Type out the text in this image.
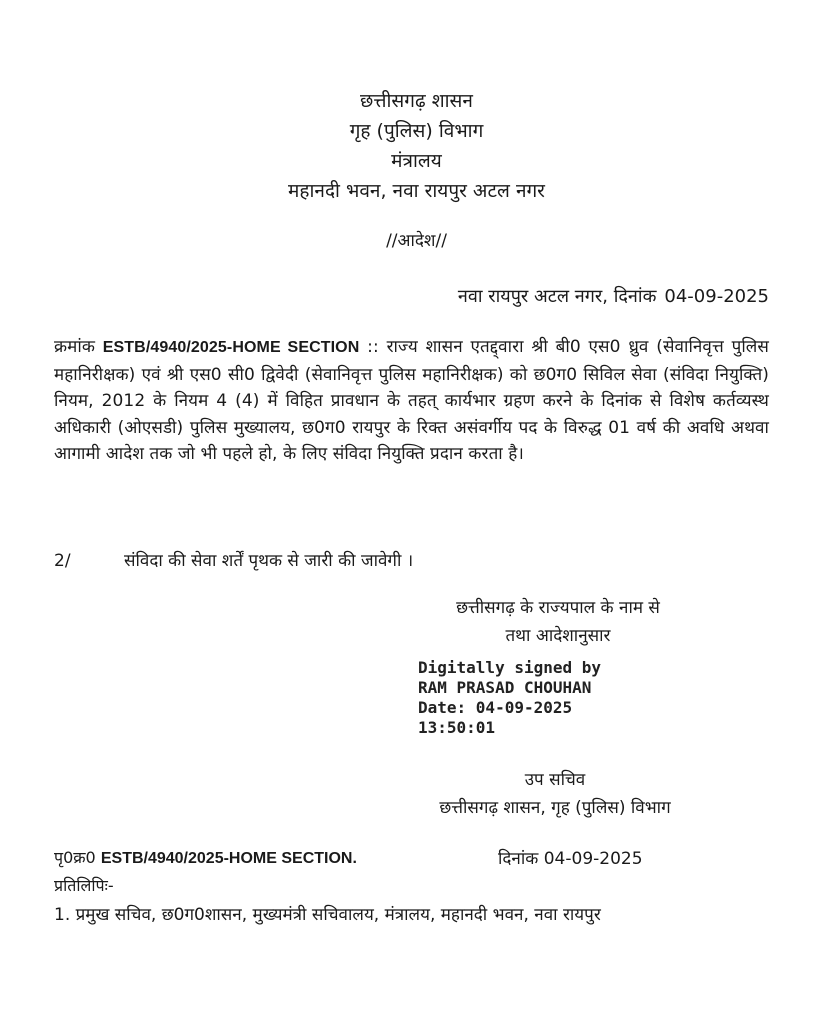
छत्तीसगढ़ शासन
गृह (पुलिस) विभाग
मंत्रालय
महानदी भवन, नवा रायपुर अटल नगर
//आदेश//
नवा रायपुर अटल नगर, दिनांक 04-09-2025
क्रमांक ESTB/4940/2025-HOME SECTION :: राज्य शासन एतद्द्वारा श्री बी0 एस0 ध्रुव (सेवानिवृत्त पुलिस महानिरीक्षक) एवं श्री एस0 सी0 द्विवेदी (सेवानिवृत्त पुलिस महानिरीक्षक) को छ0ग0 सिविल सेवा (संविदा नियुक्ति) नियम, 2012 के नियम 4 (4) में विहित प्रावधान के तहत् कार्यभार ग्रहण करने के दिनांक से विशेष कर्तव्यस्थ अधिकारी (ओएसडी) पुलिस मुख्यालय, छ0ग0 रायपुर के रिक्त असंवर्गीय पद के विरुद्ध 01 वर्ष की अवधि अथवा आगामी आदेश तक जो भी पहले हो, के लिए संविदा नियुक्ति प्रदान करता है।
2/	संविदा की सेवा शर्तें पृथक से जारी की जावेगी ।
छत्तीसगढ़ के राज्यपाल के नाम से
तथा आदेशानुसार
Digitally signed by
RAM PRASAD CHOUHAN
Date: 04-09-2025
13:50:01
उप सचिव
छत्तीसगढ़ शासन, गृह (पुलिस) विभाग
पृ0क्र0 ESTB/4940/2025-HOME SECTION.	दिनांक 04-09-2025
प्रतिलिपिः-
1. प्रमुख सचिव, छ0ग0शासन, मुख्यमंत्री सचिवालय, मंत्रालय, महानदी भवन, नवा रायपुर
